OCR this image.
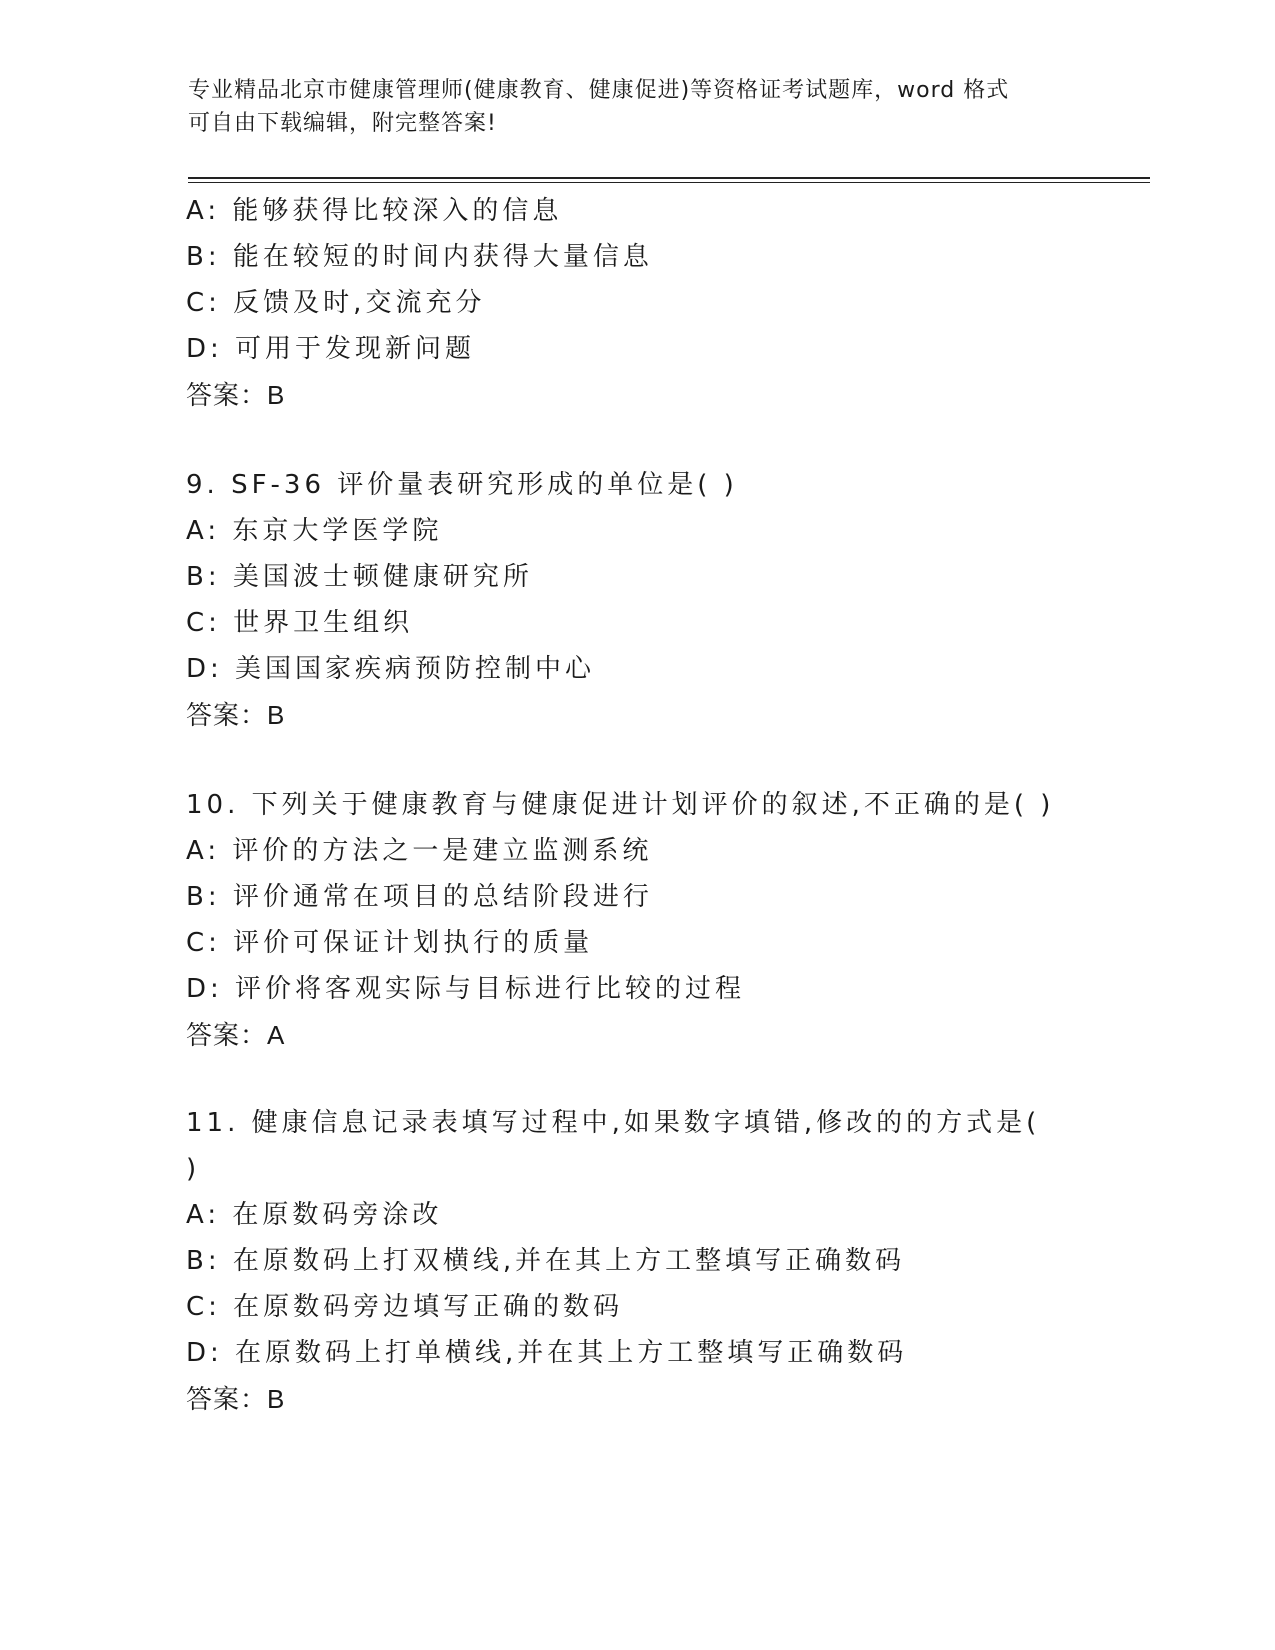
专业精品北京市健康管理师(健康教育、健康促进)等资格证考试题库，word 格式
可自由下载编辑，附完整答案!
A: 能够获得比较深入的信息
B: 能在较短的时间内获得大量信息
C: 反馈及时,交流充分
D: 可用于发现新问题
答案：B
9. SF-36 评价量表研究形成的单位是( )
A: 东京大学医学院
B: 美国波士顿健康研究所
C: 世界卫生组织
D: 美国国家疾病预防控制中心
答案：B
10. 下列关于健康教育与健康促进计划评价的叙述,不正确的是( )
A: 评价的方法之一是建立监测系统
B: 评价通常在项目的总结阶段进行
C: 评价可保证计划执行的质量
D: 评价将客观实际与目标进行比较的过程
答案：A
11. 健康信息记录表填写过程中,如果数字填错,修改的的方式是(
)
A: 在原数码旁涂改
B: 在原数码上打双横线,并在其上方工整填写正确数码
C: 在原数码旁边填写正确的数码
D: 在原数码上打单横线,并在其上方工整填写正确数码
答案：B
